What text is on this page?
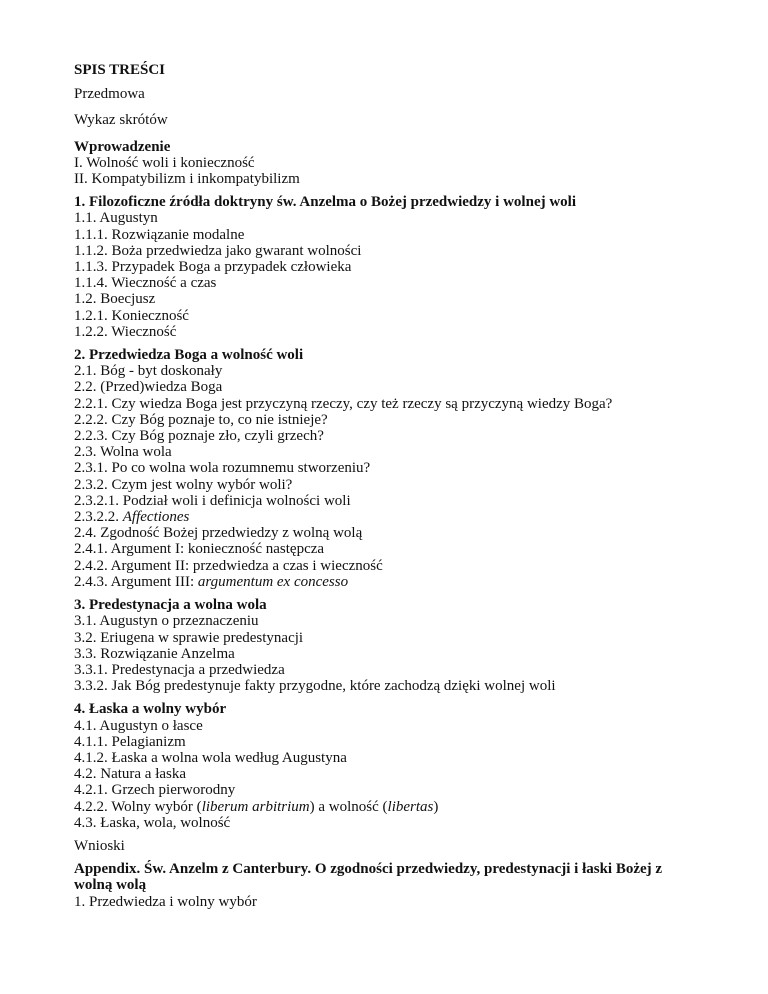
SPIS TREŚCI
Przedmowa
Wykaz skrótów
Wprowadzenie
I. Wolność woli i konieczność
II. Kompatybilizm i inkompatybilizm
1. Filozoficzne źródła doktryny św. Anzelma o Bożej przedwiedzy i wolnej woli
1.1. Augustyn
1.1.1. Rozwiązanie modalne
1.1.2. Boża przedwiedza jako gwarant wolności
1.1.3. Przypadek Boga a przypadek człowieka
1.1.4. Wieczność a czas
1.2. Boecjusz
1.2.1. Konieczność
1.2.2. Wieczność
2. Przedwiedza Boga a wolność woli
2.1. Bóg - byt doskonały
2.2. (Przed)wiedza Boga
2.2.1. Czy wiedza Boga jest przyczyną rzeczy, czy też rzeczy są przyczyną wiedzy Boga?
2.2.2. Czy Bóg poznaje to, co nie istnieje?
2.2.3. Czy Bóg poznaje zło, czyli grzech?
2.3. Wolna wola
2.3.1. Po co wolna wola rozumnemu stworzeniu?
2.3.2. Czym jest wolny wybór woli?
2.3.2.1. Podział woli i definicja wolności woli
2.3.2.2. Affectiones
2.4. Zgodność Bożej przedwiedzy z wolną wolą
2.4.1. Argument I: konieczność następcza
2.4.2. Argument II: przedwiedza a czas i wieczność
2.4.3. Argument III: argumentum ex concesso
3. Predestynacja a wolna wola
3.1. Augustyn o przeznaczeniu
3.2. Eriugena w sprawie predestynacji
3.3. Rozwiązanie Anzelma
3.3.1. Predestynacja a przedwiedza
3.3.2. Jak Bóg predestynuje fakty przygodne, które zachodzą dzięki wolnej woli
4. Łaska a wolny wybór
4.1. Augustyn o łasce
4.1.1. Pelagianizm
4.1.2. Łaska a wolna wola według Augustyna
4.2. Natura a łaska
4.2.1. Grzech pierworodny
4.2.2. Wolny wybór (liberum arbitrium) a wolność (libertas)
4.3. Łaska, wola, wolność
Wnioski
Appendix. Św. Anzelm z Canterbury. O zgodności przedwiedzy, predestynacji i łaski Bożej z
wolną wolą
1. Przedwiedza i wolny wybór
